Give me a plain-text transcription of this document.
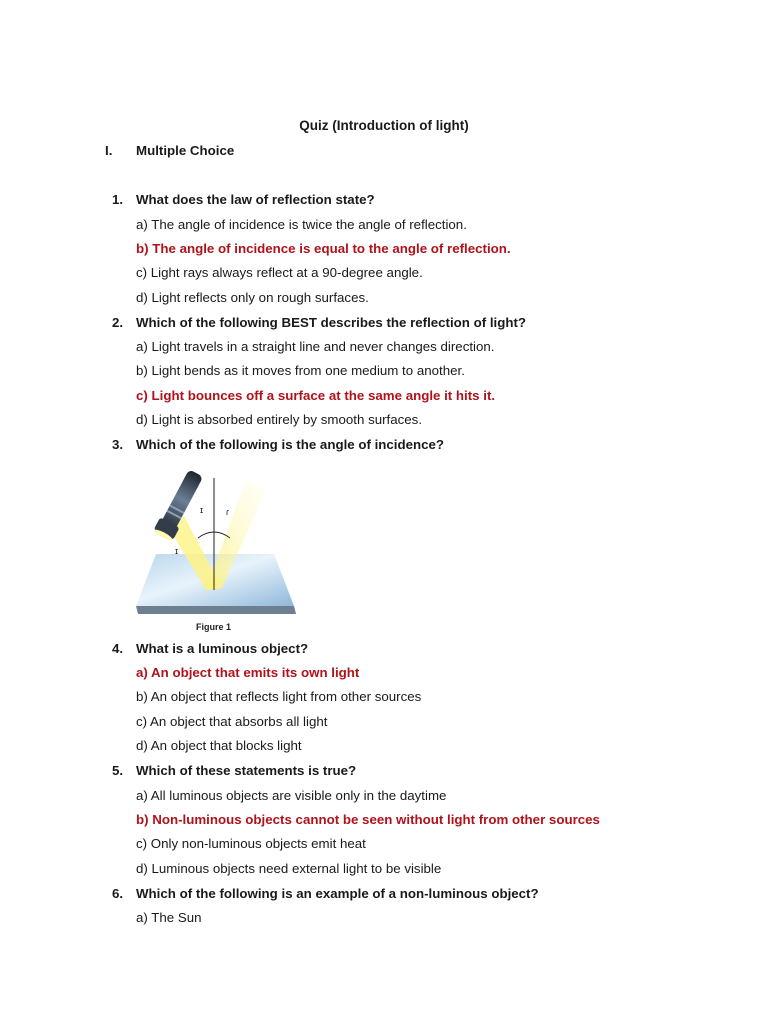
Quiz (Introduction of light)
I. Multiple Choice
1. What does the law of reflection state?
a) The angle of incidence is twice the angle of reflection.
b) The angle of incidence is equal to the angle of reflection.
c) Light rays always reflect at a 90-degree angle.
d) Light reflects only on rough surfaces.
2. Which of the following BEST describes the reflection of light?
a) Light travels in a straight line and never changes direction.
b) Light bends as it moves from one medium to another.
c) Light bounces off a surface at the same angle it hits it.
d) Light is absorbed entirely by smooth surfaces.
3. Which of the following is the angle of incidence?
ɪ	ɾ
ɪ
Figure 1
4. What is a luminous object?
a) An object that emits its own light
b) An object that reflects light from other sources
c) An object that absorbs all light
d) An object that blocks light
5. Which of these statements is true?
a) All luminous objects are visible only in the daytime
b) Non-luminous objects cannot be seen without light from other sources
c) Only non-luminous objects emit heat
d) Luminous objects need external light to be visible
6. Which of the following is an example of a non-luminous object?
a) The Sun
